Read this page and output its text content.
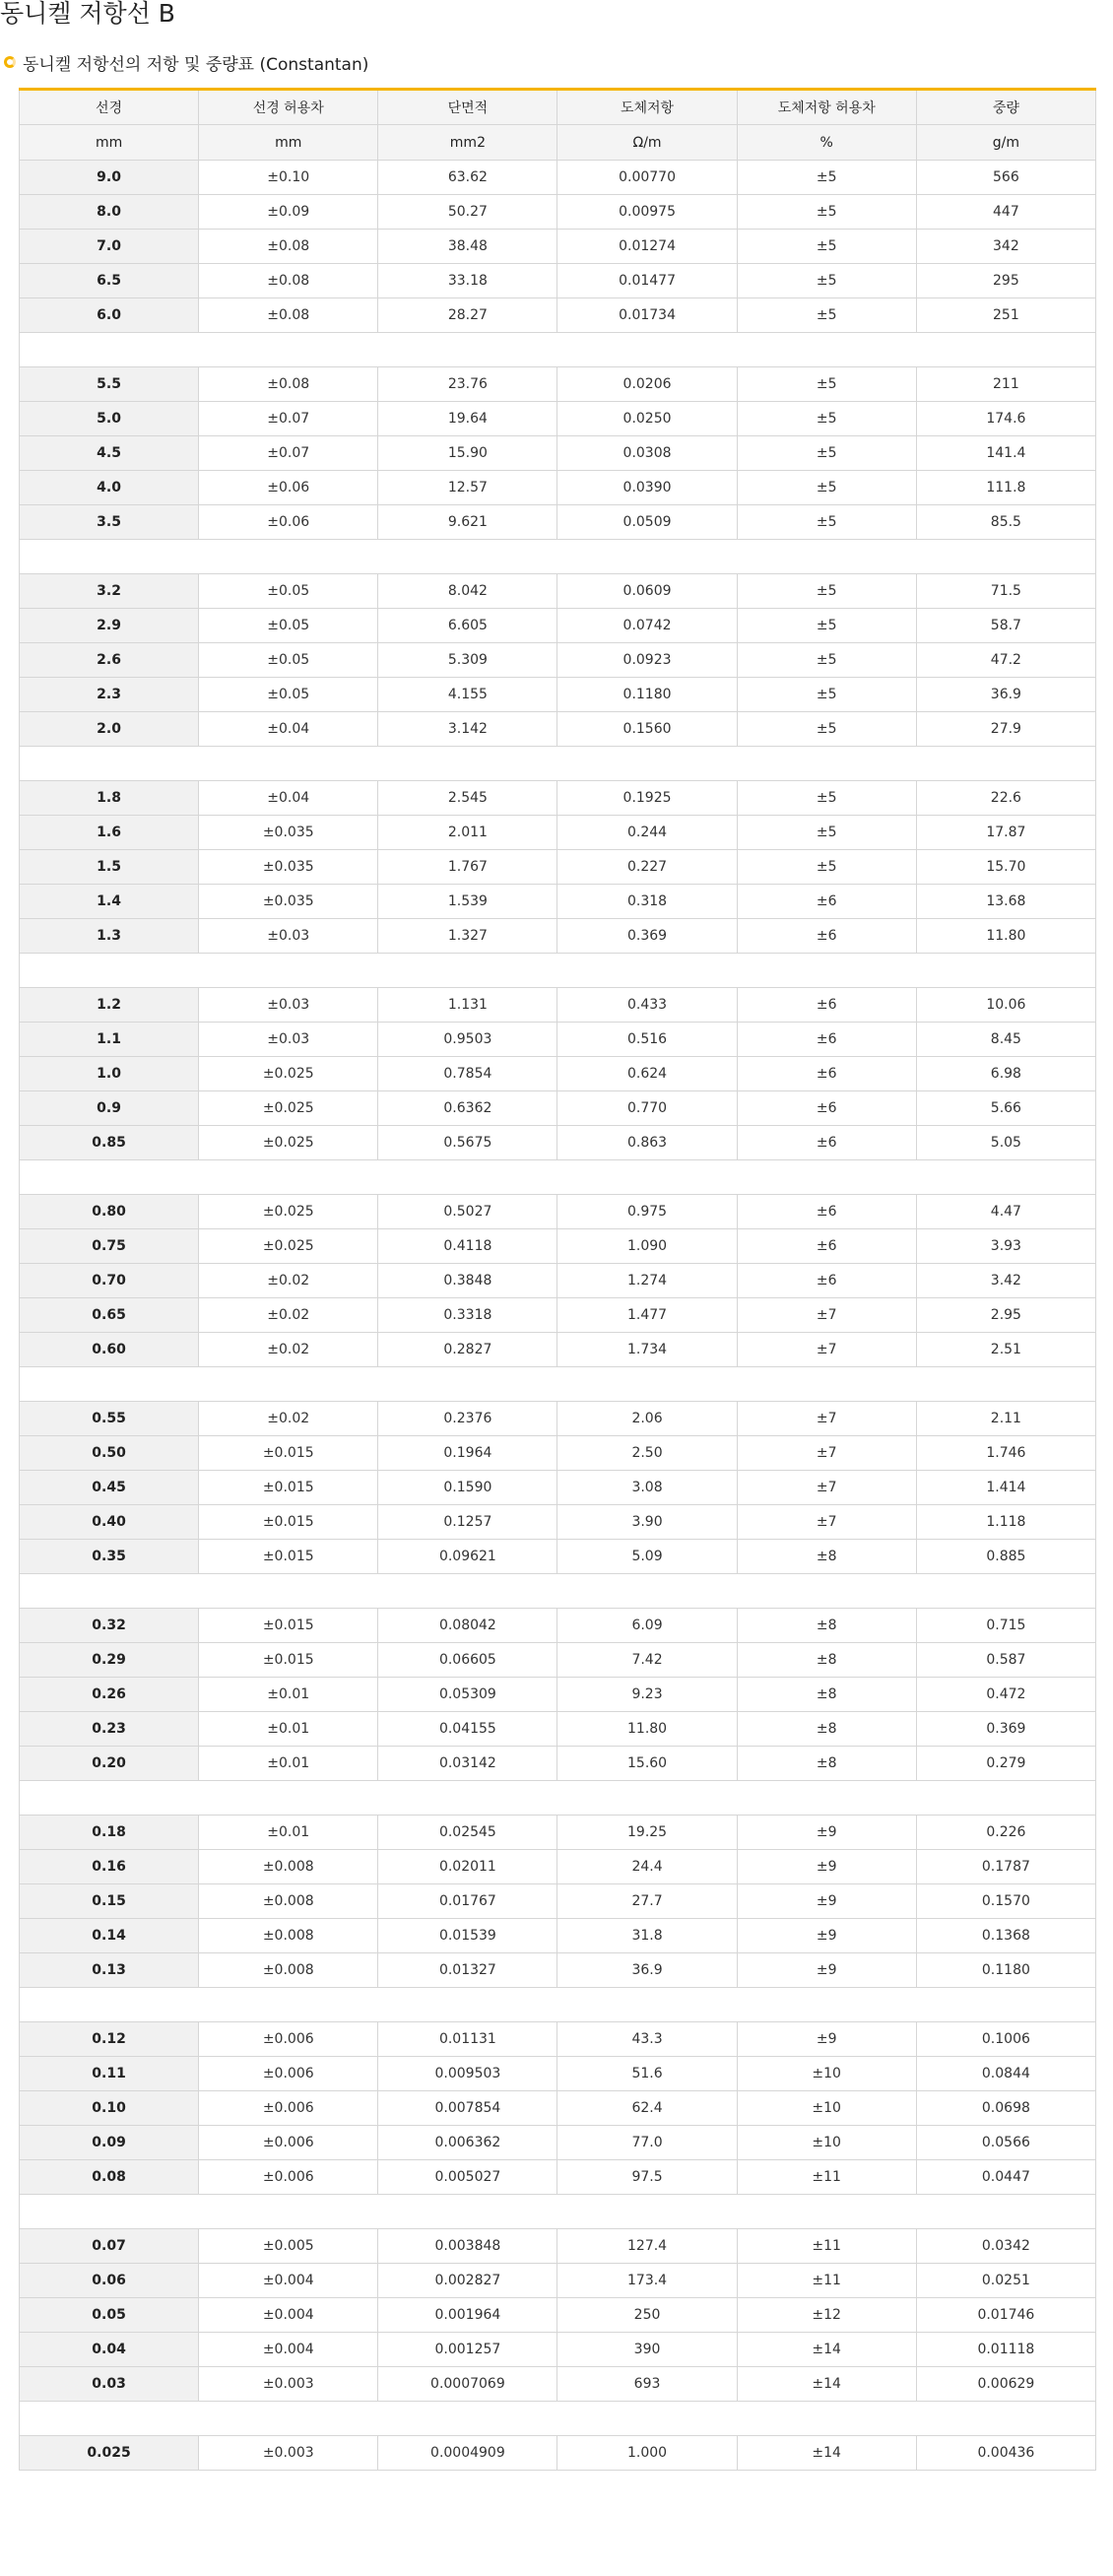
동니켈 저항선 B
동니켈 저항선의 저항 및 중량표 (Constantan)
선경	선경 허용차	단면적	도체저항	도체저항 허용차	중량
mm	mm	mm2	Ω/m	%	g/m
9.0	±0.10	63.62	0.00770	±5	566
8.0	±0.09	50.27	0.00975	±5	447
7.0	±0.08	38.48	0.01274	±5	342
6.5	±0.08	33.18	0.01477	±5	295
6.0	±0.08	28.27	0.01734	±5	251

5.5	±0.08	23.76	0.0206	±5	211
5.0	±0.07	19.64	0.0250	±5	174.6
4.5	±0.07	15.90	0.0308	±5	141.4
4.0	±0.06	12.57	0.0390	±5	111.8
3.5	±0.06	9.621	0.0509	±5	85.5

3.2	±0.05	8.042	0.0609	±5	71.5
2.9	±0.05	6.605	0.0742	±5	58.7
2.6	±0.05	5.309	0.0923	±5	47.2
2.3	±0.05	4.155	0.1180	±5	36.9
2.0	±0.04	3.142	0.1560	±5	27.9

1.8	±0.04	2.545	0.1925	±5	22.6
1.6	±0.035	2.011	0.244	±5	17.87
1.5	±0.035	1.767	0.227	±5	15.70
1.4	±0.035	1.539	0.318	±6	13.68
1.3	±0.03	1.327	0.369	±6	11.80

1.2	±0.03	1.131	0.433	±6	10.06
1.1	±0.03	0.9503	0.516	±6	8.45
1.0	±0.025	0.7854	0.624	±6	6.98
0.9	±0.025	0.6362	0.770	±6	5.66
0.85	±0.025	0.5675	0.863	±6	5.05

0.80	±0.025	0.5027	0.975	±6	4.47
0.75	±0.025	0.4118	1.090	±6	3.93
0.70	±0.02	0.3848	1.274	±6	3.42
0.65	±0.02	0.3318	1.477	±7	2.95
0.60	±0.02	0.2827	1.734	±7	2.51

0.55	±0.02	0.2376	2.06	±7	2.11
0.50	±0.015	0.1964	2.50	±7	1.746
0.45	±0.015	0.1590	3.08	±7	1.414
0.40	±0.015	0.1257	3.90	±7	1.118
0.35	±0.015	0.09621	5.09	±8	0.885

0.32	±0.015	0.08042	6.09	±8	0.715
0.29	±0.015	0.06605	7.42	±8	0.587
0.26	±0.01	0.05309	9.23	±8	0.472
0.23	±0.01	0.04155	11.80	±8	0.369
0.20	±0.01	0.03142	15.60	±8	0.279

0.18	±0.01	0.02545	19.25	±9	0.226
0.16	±0.008	0.02011	24.4	±9	0.1787
0.15	±0.008	0.01767	27.7	±9	0.1570
0.14	±0.008	0.01539	31.8	±9	0.1368
0.13	±0.008	0.01327	36.9	±9	0.1180

0.12	±0.006	0.01131	43.3	±9	0.1006
0.11	±0.006	0.009503	51.6	±10	0.0844
0.10	±0.006	0.007854	62.4	±10	0.0698
0.09	±0.006	0.006362	77.0	±10	0.0566
0.08	±0.006	0.005027	97.5	±11	0.0447

0.07	±0.005	0.003848	127.4	±11	0.0342
0.06	±0.004	0.002827	173.4	±11	0.0251
0.05	±0.004	0.001964	250	±12	0.01746
0.04	±0.004	0.001257	390	±14	0.01118
0.03	±0.003	0.0007069	693	±14	0.00629

0.025	±0.003	0.0004909	1.000	±14	0.00436
